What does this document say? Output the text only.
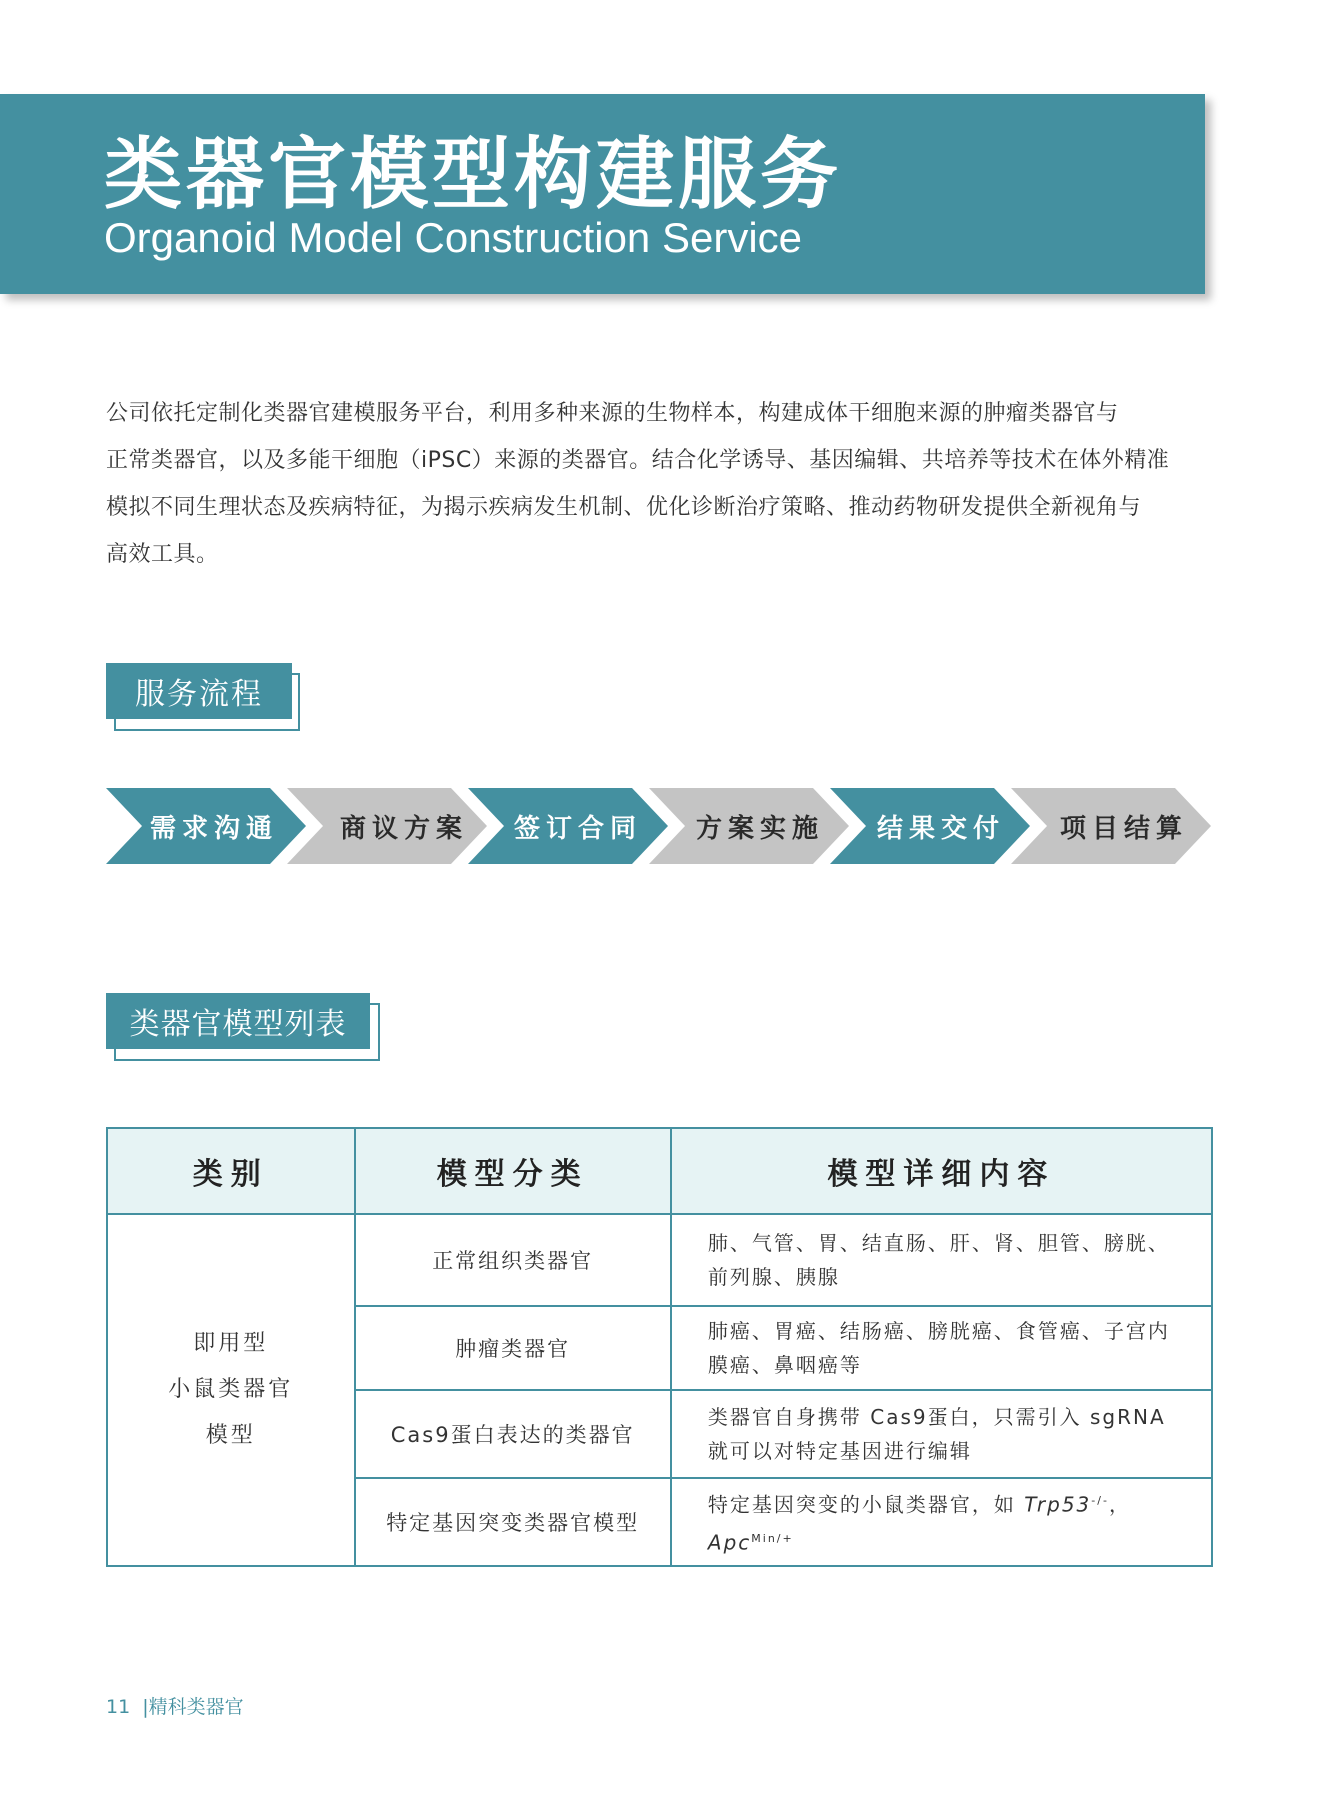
类器官模型构建服务
Organoid Model Construction Service
公司依托定制化类器官建模服务平台，利用多种来源的生物样本，构建成体干细胞来源的肿瘤类器官与
正常类器官，以及多能干细胞（iPSC）来源的类器官。结合化学诱导、基因编辑、共培养等技术在体外精准
模拟不同生理状态及疾病特征，为揭示疾病发生机制、优化诊断治疗策略、推动药物研发提供全新视角与
高效工具。
服务流程
需求沟通 商议方案 签订合同 方案实施 结果交付 项目结算
类器官模型列表
类别	模型分类	模型详细内容

即用型
小鼠类器官
模型	正常组织类器官	肺、气管、胃、结直肠、肝、肾、胆管、膀胱、前列腺、胰腺
	肿瘤类器官	肺癌、胃癌、结肠癌、膀胱癌、食管癌、子宫内膜癌、鼻咽癌等
	Cas9蛋白表达的类器官	类器官自身携带 Cas9蛋白，只需引入 sgRNA 就可以对特定基因进行编辑
	特定基因突变类器官模型	特定基因突变的小鼠类器官，如 Trp53-/-，Apc$^{Min/+}$
11 |精科类器官
